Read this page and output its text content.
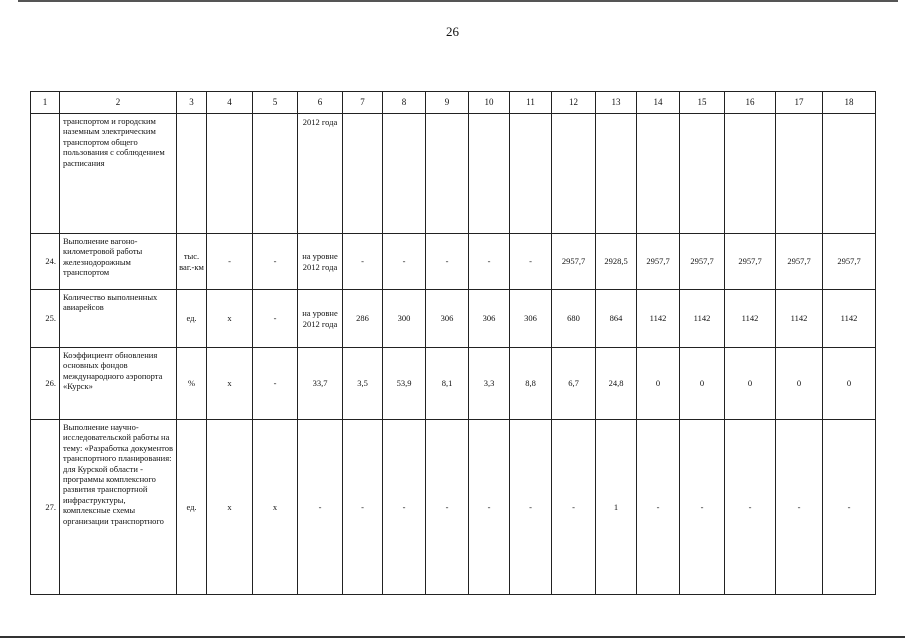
26
1	2	3	4	5	6	7	8	9	10	11	12	13	14	15	16	17	18
	транспортом и городским наземным электрическим транспортом общего пользования с соблюдением расписания				2012 года												
24.	Выполнение вагоно-километровой работы железнодорожным транспортом	тыс. ваг.-км	-	-	на уровне 2012 года	-	-	-	-	-	2957,7	2928,5	2957,7	2957,7	2957,7	2957,7	2957,7
25.	Количество выполненных авиарейсов	ед.	х	-	на уровне 2012 года	286	300	306	306	306	680	864	1142	1142	1142	1142	1142
26.	Коэффициент обновления основных фондов международного аэропорта «Курск»	%	х	-	33,7	3,5	53,9	8,1	3,3	8,8	6,7	24,8	0	0	0	0	0
27.	Выполнение научно-исследовательской работы на тему: «Разработка документов транспортного планирования: для Курской области - программы комплексного развития транспортной инфраструктуры, комплексные схемы организации транспортного	ед.	х	х	-	-	-	-	-	-	-	1	-	-	-	-	-
